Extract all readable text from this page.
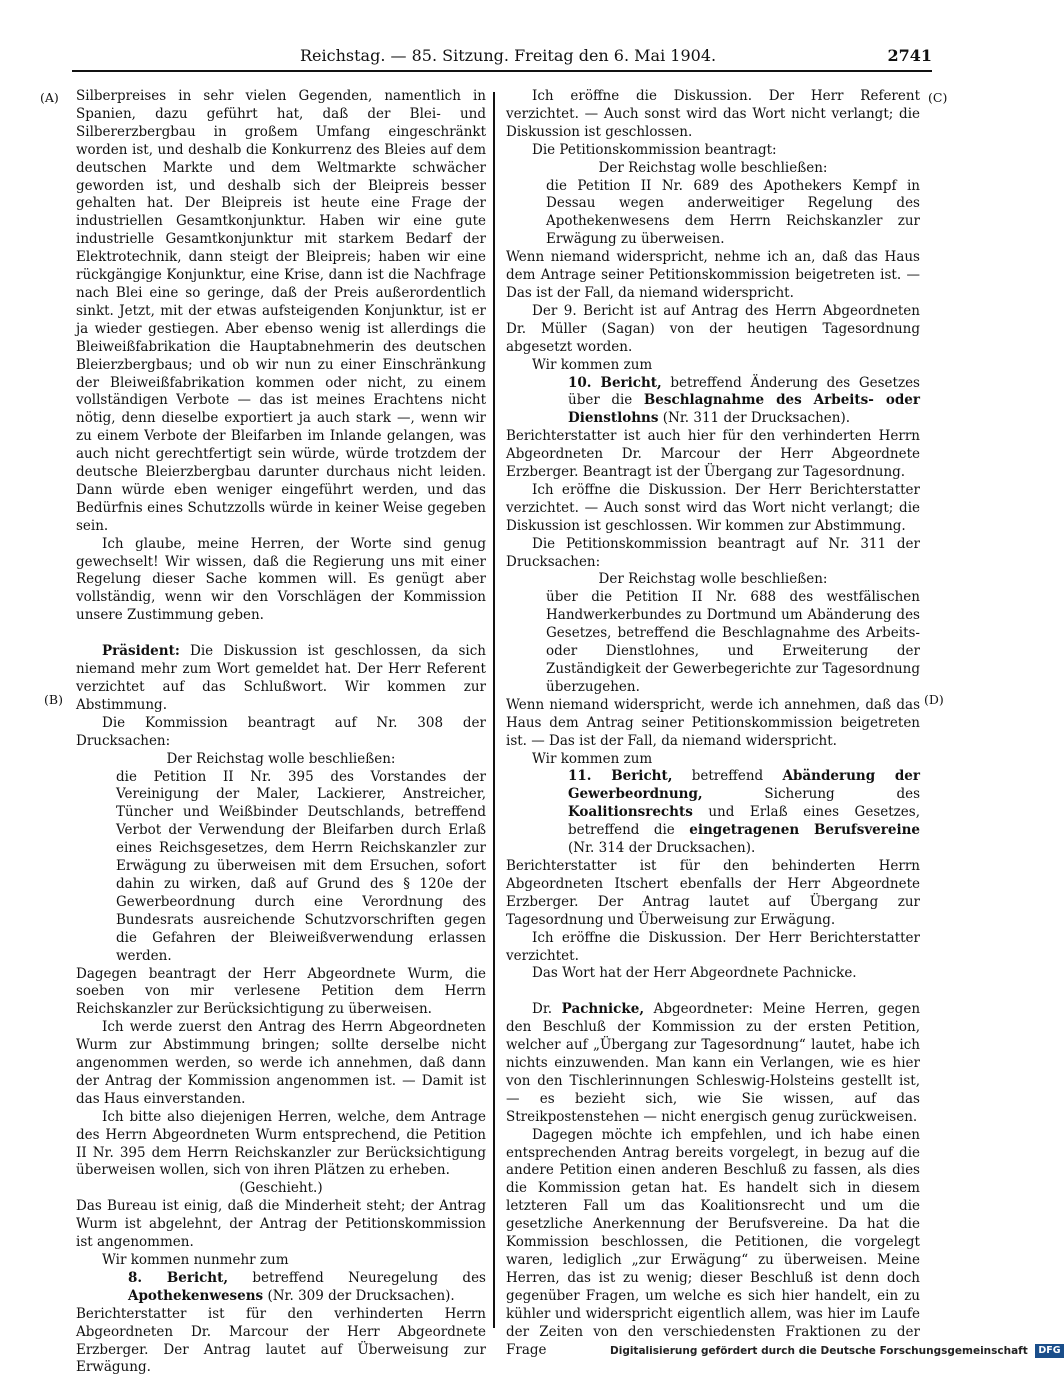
Reichstag. — 85. Sitzung. Freitag den 6. Mai 1904.	2741
(A)
(B)
(C)
(D)

Silberpreises in sehr vielen Gegenden, namentlich in Spanien, dazu geführt hat, daß der Blei- und Silbererzbergbau in großem Umfang eingeschränkt worden ist, und deshalb die Konkurrenz des Bleies auf dem deutschen Markte und dem Weltmarkte schwächer geworden ist, und deshalb sich der Bleipreis besser gehalten hat. Der Bleipreis ist heute eine Frage der industriellen Gesamtkonjunktur. Haben wir eine gute industrielle Gesamtkonjunktur mit starkem Bedarf der Elektrotechnik, dann steigt der Bleipreis; haben wir eine rückgängige Konjunktur, eine Krise, dann ist die Nachfrage nach Blei eine so geringe, daß der Preis außerordentlich sinkt. Jetzt, mit der etwas aufsteigenden Konjunktur, ist er ja wieder gestiegen. Aber ebenso wenig ist allerdings die Bleiweißfabrikation die Hauptabnehmerin des deutschen Bleierzbergbaus; und ob wir nun zu einer Einschränkung der Bleiweißfabrikation kommen oder nicht, zu einem vollständigen Verbote — das ist meines Erachtens nicht nötig, denn dieselbe exportiert ja auch stark —, wenn wir zu einem Verbote der Bleifarben im Inlande gelangen, was auch nicht gerechtfertigt sein würde, würde trotzdem der deutsche Bleierzbergbau darunter durchaus nicht leiden. Dann würde eben weniger eingeführt werden, und das Bedürfnis eines Schutzzolls würde in keiner Weise gegeben sein.

Ich glaube, meine Herren, der Worte sind genug gewechselt! Wir wissen, daß die Regierung uns mit einer Regelung dieser Sache kommen will. Es genügt aber vollständig, wenn wir den Vorschlägen der Kommission unsere Zustimmung geben.

Präsident: Die Diskussion ist geschlossen, da sich niemand mehr zum Wort gemeldet hat. Der Herr Referent verzichtet auf das Schlußwort. Wir kommen zur Abstimmung.

Die Kommission beantragt auf Nr. 308 der Drucksachen:

Der Reichstag wolle beschließen:

die Petition II Nr. 395 des Vorstandes der Vereinigung der Maler, Lackierer, Anstreicher, Tüncher und Weißbinder Deutschlands, betreffend Verbot der Verwendung der Bleifarben durch Erlaß eines Reichsgesetzes, dem Herrn Reichskanzler zur Erwägung zu überweisen mit dem Ersuchen, sofort dahin zu wirken, daß auf Grund des § 120e der Gewerbeordnung durch eine Verordnung des Bundesrats ausreichende Schutzvorschriften gegen die Gefahren der Bleiweißverwendung erlassen werden.

Dagegen beantragt der Herr Abgeordnete Wurm, die soeben von mir verlesene Petition dem Herrn Reichskanzler zur Berücksichtigung zu überweisen.

Ich werde zuerst den Antrag des Herrn Abgeordneten Wurm zur Abstimmung bringen; sollte derselbe nicht angenommen werden, so werde ich annehmen, daß dann der Antrag der Kommission angenommen ist. — Damit ist das Haus einverstanden.

Ich bitte also diejenigen Herren, welche, dem Antrage des Herrn Abgeordneten Wurm entsprechend, die Petition II Nr. 395 dem Herrn Reichskanzler zur Berücksichtigung überweisen wollen, sich von ihren Plätzen zu erheben.

(Geschieht.)

Das Bureau ist einig, daß die Minderheit steht; der Antrag Wurm ist abgelehnt, der Antrag der Petitionskommission ist angenommen.

Wir kommen nunmehr zum

8. Bericht, betreffend Neuregelung des Apothekenwesens (Nr. 309 der Drucksachen).

Berichterstatter ist für den verhinderten Herrn Abgeordneten Dr. Marcour der Herr Abgeordnete Erzberger. Der Antrag lautet auf Überweisung zur Erwägung.

Ich eröffne die Diskussion. Der Herr Referent verzichtet. — Auch sonst wird das Wort nicht verlangt; die Diskussion ist geschlossen.

Die Petitionskommission beantragt:

Der Reichstag wolle beschließen:

die Petition II Nr. 689 des Apothekers Kempf in Dessau wegen anderweitiger Regelung des Apothekenwesens dem Herrn Reichskanzler zur Erwägung zu überweisen.

Wenn niemand widerspricht, nehme ich an, daß das Haus dem Antrage seiner Petitionskommission beigetreten ist. — Das ist der Fall, da niemand widerspricht.

Der 9. Bericht ist auf Antrag des Herrn Abgeordneten Dr. Müller (Sagan) von der heutigen Tagesordnung abgesetzt worden.

Wir kommen zum

10. Bericht, betreffend Änderung des Gesetzes über die Beschlagnahme des Arbeits- oder Dienstlohns (Nr. 311 der Drucksachen).

Berichterstatter ist auch hier für den verhinderten Herrn Abgeordneten Dr. Marcour der Herr Abgeordnete Erzberger. Beantragt ist der Übergang zur Tagesordnung.

Ich eröffne die Diskussion. Der Herr Berichterstatter verzichtet. — Auch sonst wird das Wort nicht verlangt; die Diskussion ist geschlossen. Wir kommen zur Abstimmung.

Die Petitionskommission beantragt auf Nr. 311 der Drucksachen:

Der Reichstag wolle beschließen:

über die Petition II Nr. 688 des westfälischen Handwerkerbundes zu Dortmund um Abänderung des Gesetzes, betreffend die Beschlagnahme des Arbeits- oder Dienstlohnes, und Erweiterung der Zuständigkeit der Gewerbegerichte zur Tagesordnung überzugehen.

Wenn niemand widerspricht, werde ich annehmen, daß das Haus dem Antrag seiner Petitionskommission beigetreten ist. — Das ist der Fall, da niemand widerspricht.

Wir kommen zum

11. Bericht, betreffend Abänderung der Gewerbeordnung,	Sicherung des Koalitionsrechts und Erlaß eines Gesetzes, betreffend die eingetragenen Berufsvereine (Nr. 314 der Drucksachen).

Berichterstatter ist für den behinderten Herrn Abgeordneten Itschert ebenfalls der Herr Abgeordnete Erzberger. Der Antrag lautet auf Übergang zur Tagesordnung und Überweisung zur Erwägung.

Ich eröffne die Diskussion. Der Herr Berichterstatter verzichtet.

Das Wort hat der Herr Abgeordnete Pachnicke.

Dr. Pachnicke, Abgeordneter: Meine Herren, gegen den Beschluß der Kommission zu der ersten Petition, welcher auf „Übergang zur Tagesordnung“ lautet, habe ich nichts einzuwenden. Man kann ein Verlangen, wie es hier von den Tischlerinnungen Schleswig-Holsteins gestellt ist, — es bezieht sich, wie Sie wissen, auf das Streikpostenstehen — nicht energisch genug zurückweisen.

Dagegen möchte ich empfehlen, und ich habe einen entsprechenden Antrag bereits vorgelegt, in bezug auf die andere Petition einen anderen Beschluß zu fassen, als dies die Kommission getan hat. Es handelt sich in diesem letzteren Fall um das Koalitionsrecht und um die gesetzliche Anerkennung der Berufsvereine. Da hat die Kommission beschlossen, die Petitionen, die vorgelegt waren, lediglich „zur Erwägung“ zu überweisen. Meine Herren, das ist zu wenig; dieser Beschluß ist denn doch gegenüber Fragen, um welche es sich hier handelt, ein zu kühler und widerspricht eigentlich allem, was hier im Laufe der Zeiten von den verschiedensten Fraktionen zu der Frage	Digitalisierung gefördert durch die Deutsche Forschungsgemeinschaft DFG
